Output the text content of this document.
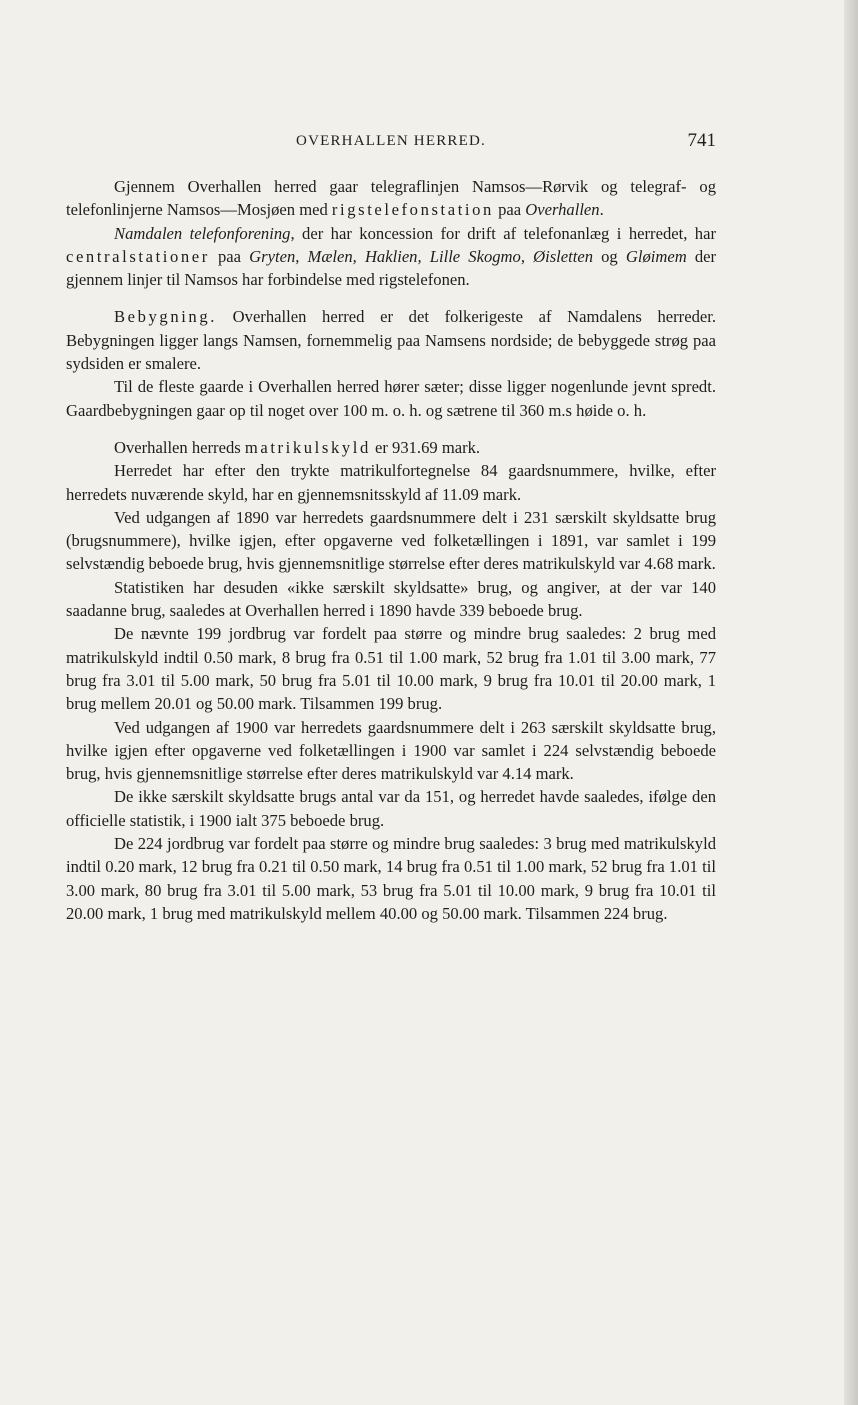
OVERHALLEN HERRED.	741

Gjennem Overhallen herred gaar telegraflinjen Namsos—Rørvik og telegraf- og telefonlinjerne Namsos—Mosjøen med rigstelefonstation paa Overhallen.

Namdalen telefonforening, der har koncession for drift af telefonanlæg i herredet, har centralstationer paa Gryten, Mælen, Haklien, Lille Skogmo, Øisletten og Gløimem der gjennem linjer til Namsos har forbindelse med rigstelefonen.

Bebygning. Overhallen herred er det folkerigeste af Namdalens herreder. Bebygningen ligger langs Namsen, fornemmelig paa Namsens nordside; de bebyggede strøg paa sydsiden er smalere.

Til de fleste gaarde i Overhallen herred hører sæter; disse ligger nogenlunde jevnt spredt. Gaardbebygningen gaar op til noget over 100 m. o. h. og sætrene til 360 m.s høide o. h.

Overhallen herreds matrikulskyld er 931.69 mark.

Herredet har efter den trykte matrikulfortegnelse 84 gaardsnummere, hvilke, efter herredets nuværende skyld, har en gjennemsnitsskyld af 11.09 mark.

Ved udgangen af 1890 var herredets gaardsnummere delt i 231 særskilt skyldsatte brug (brugsnummere), hvilke igjen, efter opgaverne ved folketællingen i 1891, var samlet i 199 selvstændig beboede brug, hvis gjennemsnitlige størrelse efter deres matrikulskyld var 4.68 mark.

Statistiken har desuden «ikke særskilt skyldsatte» brug, og angiver, at der var 140 saadanne brug, saaledes at Overhallen herred i 1890 havde 339 beboede brug.

De nævnte 199 jordbrug var fordelt paa større og mindre brug saaledes: 2 brug med matrikulskyld indtil 0.50 mark, 8 brug fra 0.51 til 1.00 mark, 52 brug fra 1.01 til 3.00 mark, 77 brug fra 3.01 til 5.00 mark, 50 brug fra 5.01 til 10.00 mark, 9 brug fra 10.01 til 20.00 mark, 1 brug mellem 20.01 og 50.00 mark. Tilsammen 199 brug.

Ved udgangen af 1900 var herredets gaardsnummere delt i 263 særskilt skyldsatte brug, hvilke igjen efter opgaverne ved folketællingen i 1900 var samlet i 224 selvstændig beboede brug, hvis gjennemsnitlige størrelse efter deres matrikulskyld var 4.14 mark.

De ikke særskilt skyldsatte brugs antal var da 151, og herredet havde saaledes, ifølge den officielle statistik, i 1900 ialt 375 beboede brug.

De 224 jordbrug var fordelt paa større og mindre brug saaledes: 3 brug med matrikulskyld indtil 0.20 mark, 12 brug fra 0.21 til 0.50 mark, 14 brug fra 0.51 til 1.00 mark, 52 brug fra 1.01 til 3.00 mark, 80 brug fra 3.01 til 5.00 mark, 53 brug fra 5.01 til 10.00 mark, 9 brug fra 10.01 til 20.00 mark, 1 brug med matrikulskyld mellem 40.00 og 50.00 mark. Tilsammen 224 brug.
